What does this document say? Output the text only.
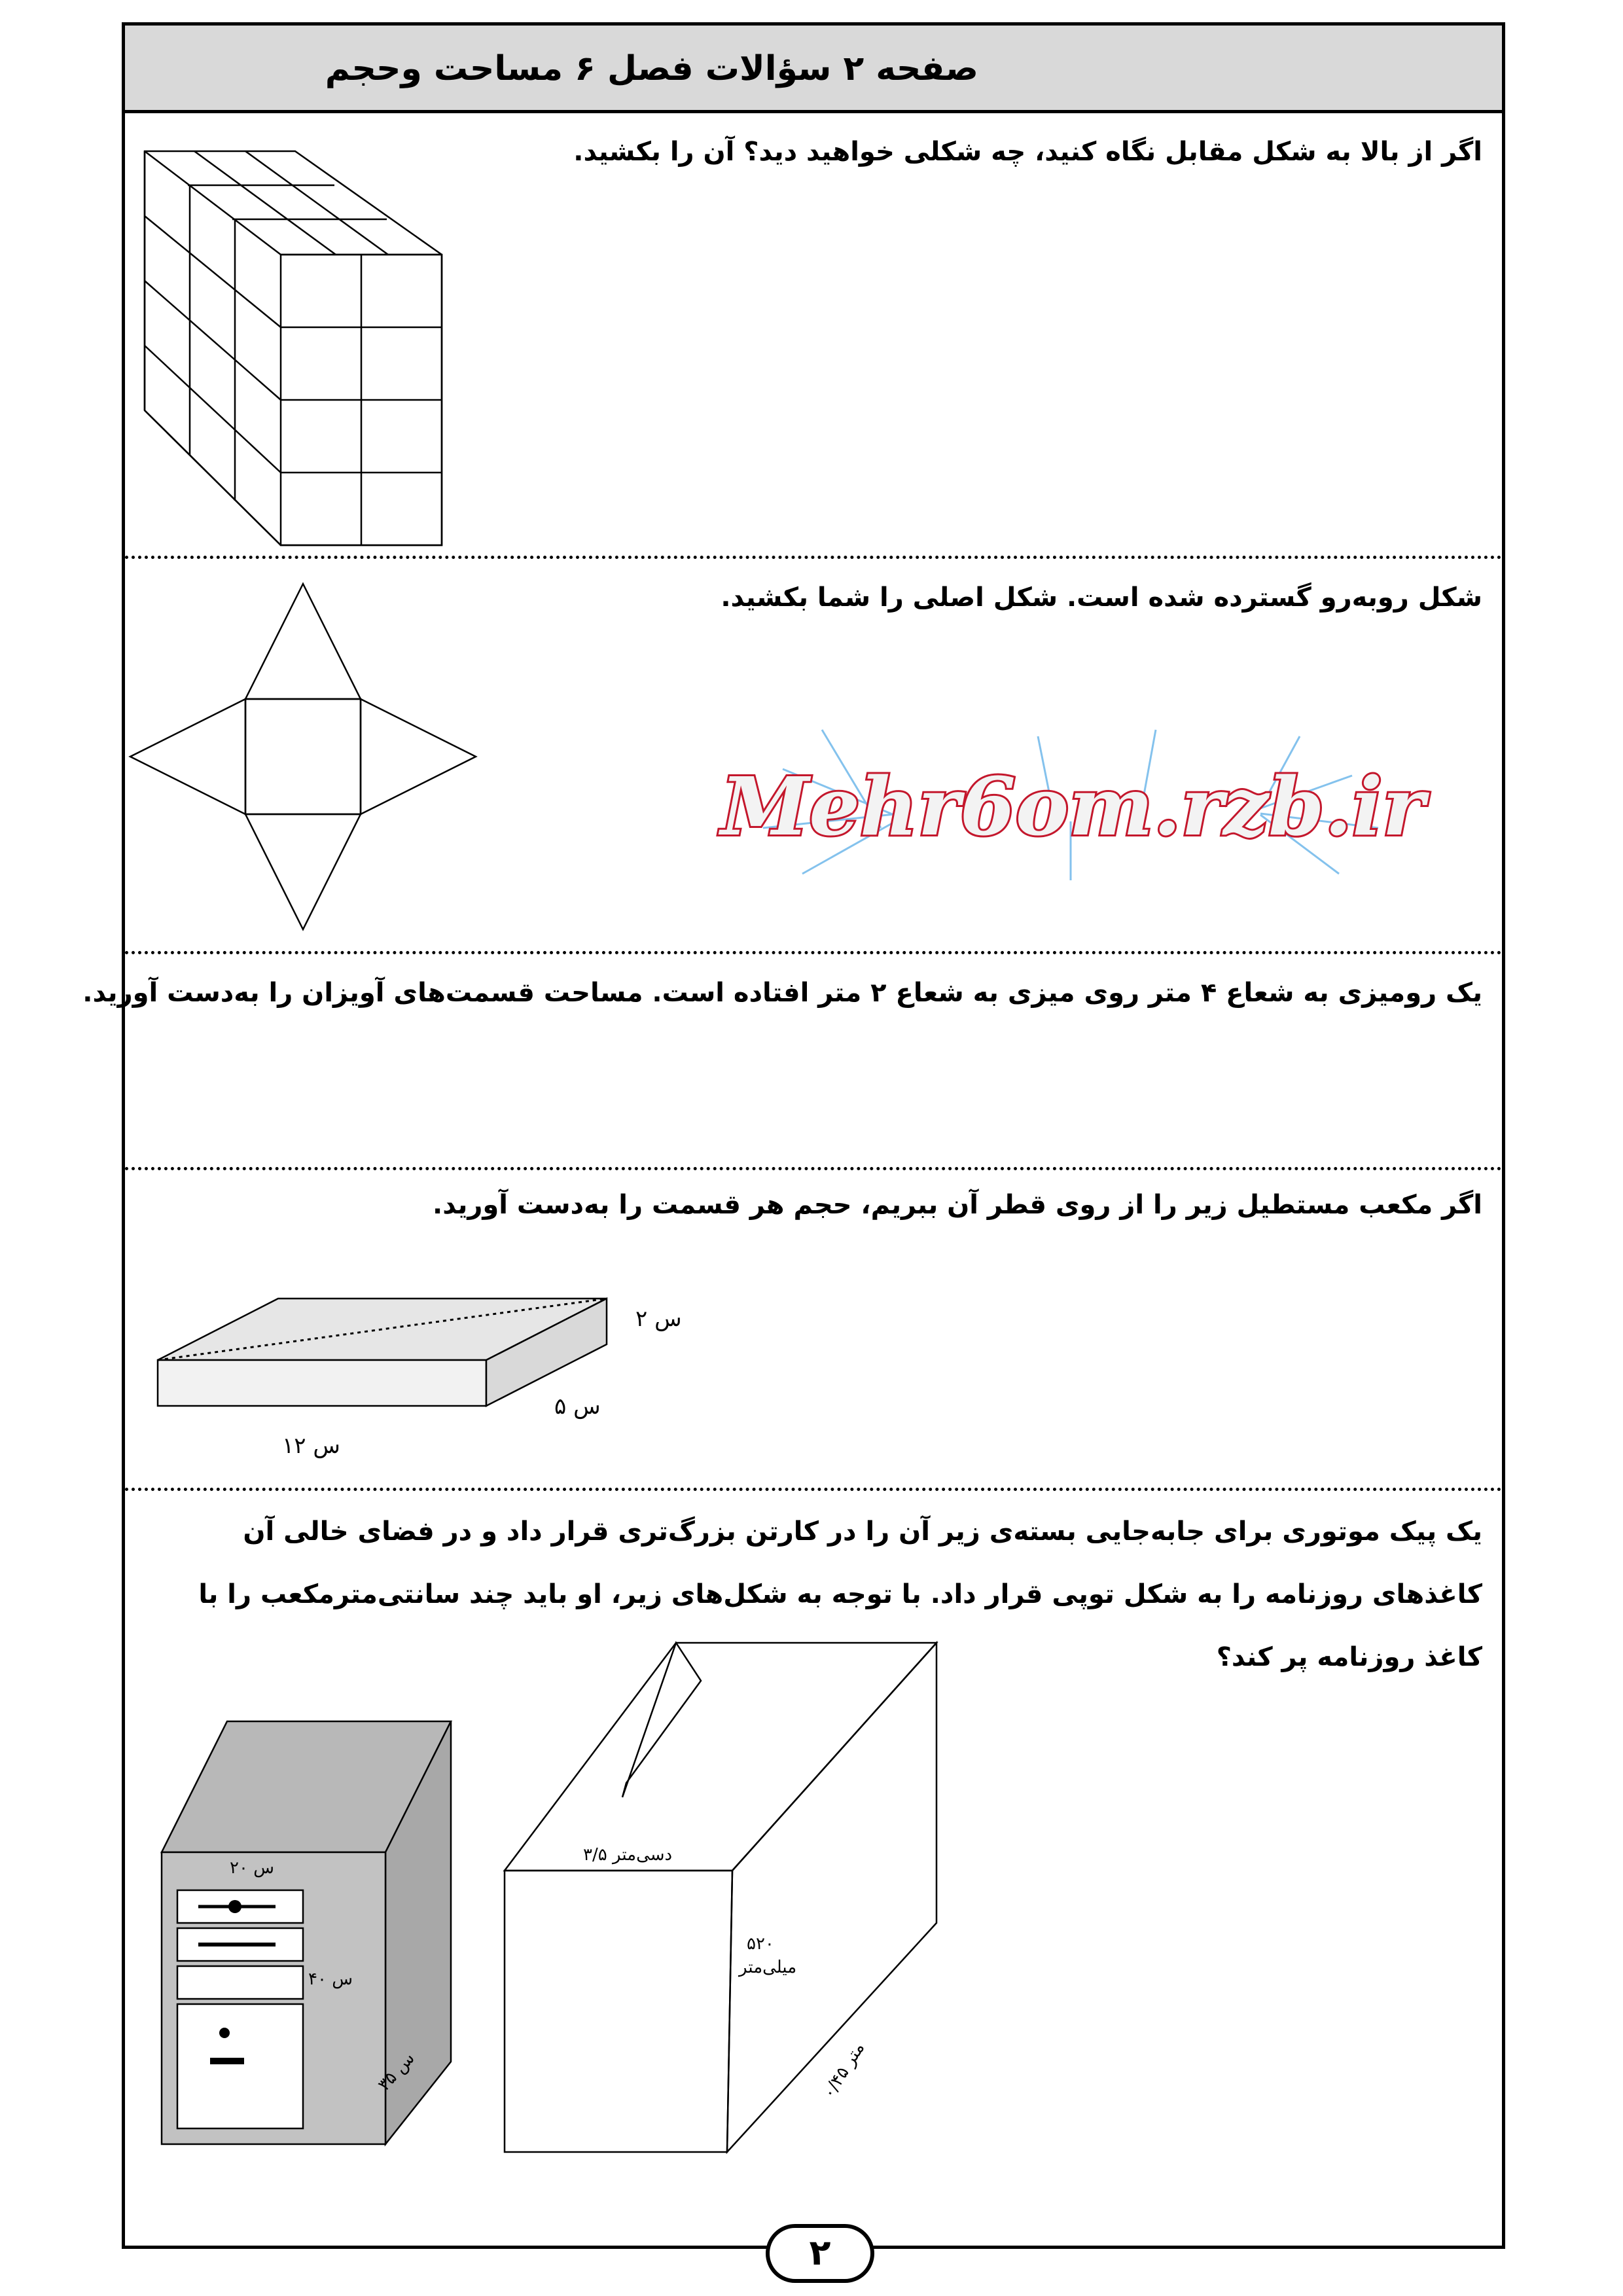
صفحه ۲ سؤالات فصل ۶ مساحت وحجم
اگر از بالا به شکل مقابل نگاه کنید، چه شکلی خواهید دید؟ آن را بکشید.
شکل روبه‌رو گسترده شده است. شکل اصلی را شما بکشید.
یک رومیزی به شعاع ۴ متر روی میزی به شعاع ۲ متر افتاده است. مساحت قسمت‌های آویزان را به‌دست آورید.
اگر مکعب مستطیل زیر را از روی قطر آن ببریم، حجم هر قسمت را به‌دست آورید.
۲ س
۵ س
۱۲ س
یک پیک موتوری برای جابه‌جایی بسته‌ی زیر آن را در کارتن بزرگ‌تری قرار داد و در فضای خالی آن کاغذهای روزنامه را به شکل توپی قرار داد. با توجه به شکل‌های زیر، او باید چند سانتی‌مترمکعب را با کاغذ روزنامه پر کند؟
۲۰ س
۴۰ س
۳۵ س
۳/۵ دسی‌متر
۵۲۰
میلی‌متر
۰/۴۵ متر
Mehr6om.rzb.ir
۲
